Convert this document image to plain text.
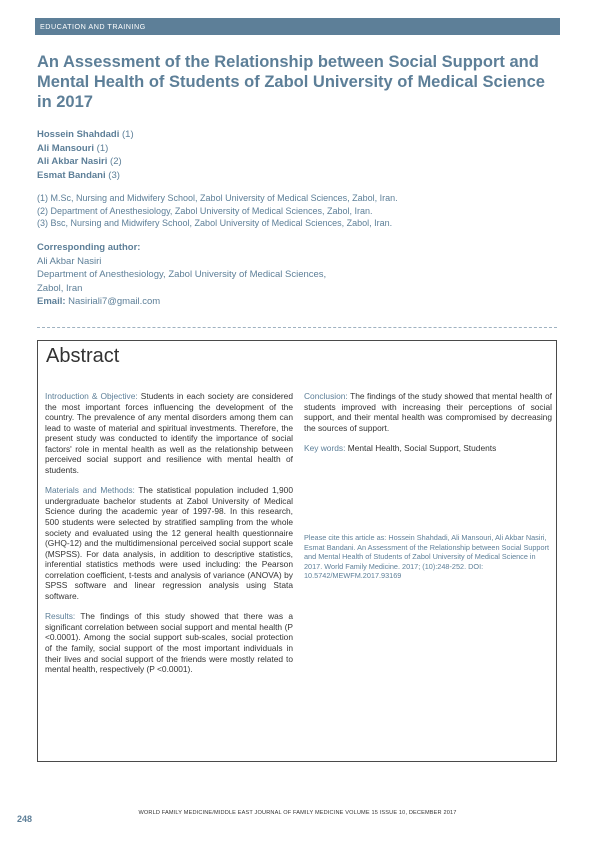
EDUCATION AND TRAINING
An Assessment of the Relationship between Social Support and Mental Health of Students of Zabol University of Medical Science in 2017
Hossein Shahdadi (1)
Ali Mansouri (1)
Ali Akbar Nasiri (2)
Esmat Bandani (3)
(1) M.Sc, Nursing and Midwifery School, Zabol University of Medical Sciences, Zabol, Iran.
(2) Department of Anesthesiology, Zabol University of Medical Sciences, Zabol, Iran.
(3) Bsc, Nursing and Midwifery School, Zabol University of Medical Sciences, Zabol, Iran.
Corresponding author:
Ali Akbar Nasiri
Department of Anesthesiology, Zabol University of Medical Sciences,
Zabol, Iran
Email: Nasiriali7@gmail.com
Abstract

Introduction & Objective: Students in each society are considered the most important forces influencing the development of the country. The prevalence of any mental disorders among them can lead to waste of material and spiritual investments. Therefore, the present study was conducted to identify the importance of social factors' role in mental health as well as the relationship between perceived social support and resilience with mental health of students.

Materials and Methods: The statistical population included 1,900 undergraduate bachelor students at Zabol University of Medical Science during the academic year of 1997-98. In this research, 500 students were selected by stratified sampling from the whole society and evaluated using the 12 general health questionnaire (GHQ-12) and the multidimensional perceived social support scale (MSPSS). For data analysis, in addition to descriptive statistics, inferential statistics methods were used including: the Pearson correlation coefficient, t-tests and analysis of variance (ANOVA) by SPSS software and linear regression analysis using Stata software.

Results: The findings of this study showed that there was a significant correlation between social support and mental health (P <0.0001). Among the social support sub-scales, social protection of the family, social support of the most important individuals in their lives and social support of the friends were mostly related to mental health, respectively (P <0.0001).

Conclusion: The findings of the study showed that mental health of students improved with increasing their perceptions of social support, and their mental health was compromised by decreasing the sources of support.

Key words: Mental Health, Social Support, Students

Please cite this article as: Hossein Shahdadi, Ali Mansouri, Ali Akbar Nasiri, Esmat Bandani. An Assessment of the Relationship between Social Support and Mental Health of Students of Zabol University of Medical Science in 2017. World Family Medicine. 2017; (10):248-252. DOI: 10.5742/MEWFM.2017.93169
248
WORLD FAMILY MEDICINE/MIDDLE EAST JOURNAL OF FAMILY MEDICINE VOLUME 15 ISSUE 10, DECEMBER 2017
